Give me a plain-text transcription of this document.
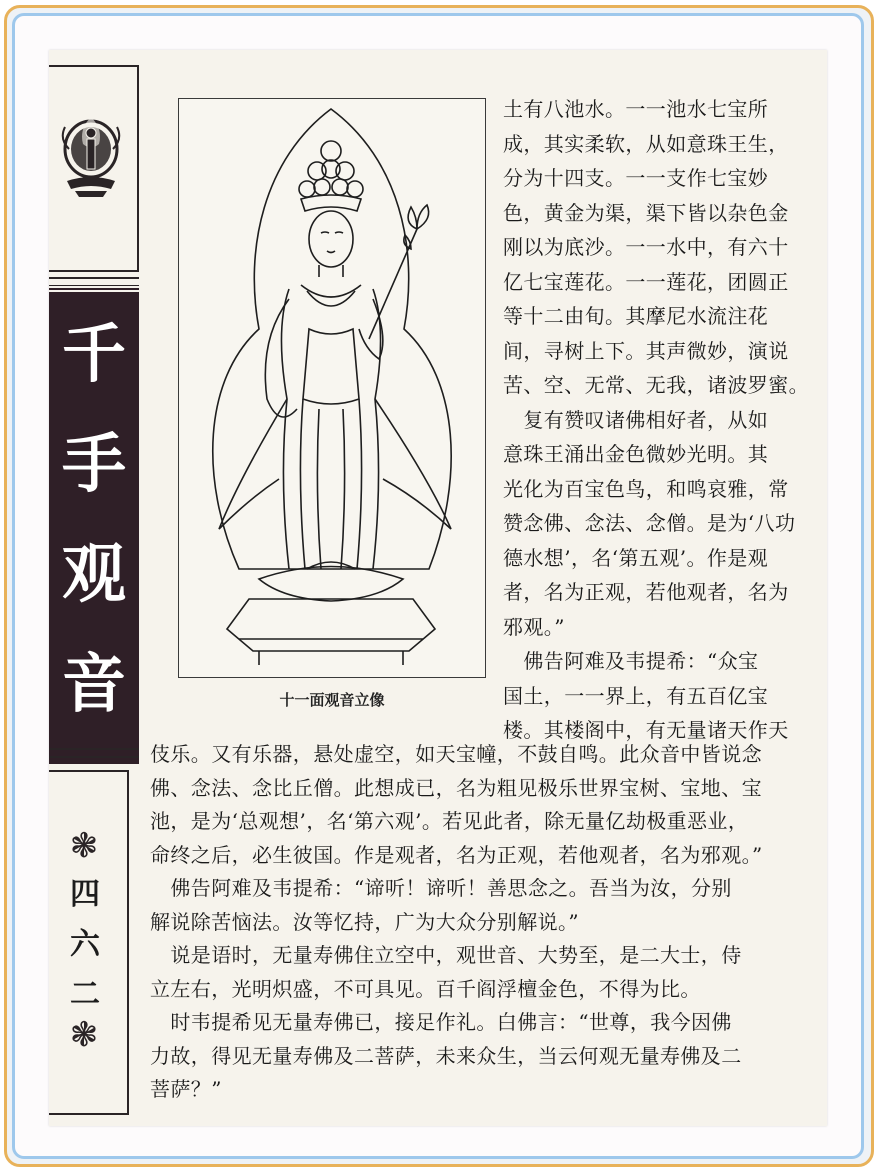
千
手
观
音
❃
四
六
二
❃
十一面观音立像
土有八池水。一一池水七宝所
成，其实柔软，从如意珠王生，
分为十四支。一一支作七宝妙
色，黄金为渠，渠下皆以杂色金
刚以为底沙。一一水中，有六十
亿七宝莲花。一一莲花，团圆正
等十二由旬。其摩尼水流注花
间，寻树上下。其声微妙，演说
苦、空、无常、无我，诸波罗蜜。
　复有赞叹诸佛相好者，从如
意珠王涌出金色微妙光明。其
光化为百宝色鸟，和鸣哀雅，常
赞念佛、念法、念僧。是为‘八功
德水想’，名‘第五观’。作是观
者，名为正观，若他观者，名为
邪观。”
　佛告阿难及韦提希：“众宝
国土，一一界上，有五百亿宝
楼。其楼阁中，有无量诸天作天
伎乐。又有乐器，悬处虚空，如天宝幢，不鼓自鸣。此众音中皆说念
佛、念法、念比丘僧。此想成已，名为粗见极乐世界宝树、宝地、宝
池，是为‘总观想’，名‘第六观’。若见此者，除无量亿劫极重恶业，
命终之后，必生彼国。作是观者，名为正观，若他观者，名为邪观。”
　佛告阿难及韦提希：“谛听！谛听！善思念之。吾当为汝，分别
解说除苦恼法。汝等忆持，广为大众分别解说。”
　说是语时，无量寿佛住立空中，观世音、大势至，是二大士，侍
立左右，光明炽盛，不可具见。百千阎浮檀金色，不得为比。
　时韦提希见无量寿佛已，接足作礼。白佛言：“世尊，我今因佛
力故，得见无量寿佛及二菩萨，未来众生，当云何观无量寿佛及二
菩萨？”
